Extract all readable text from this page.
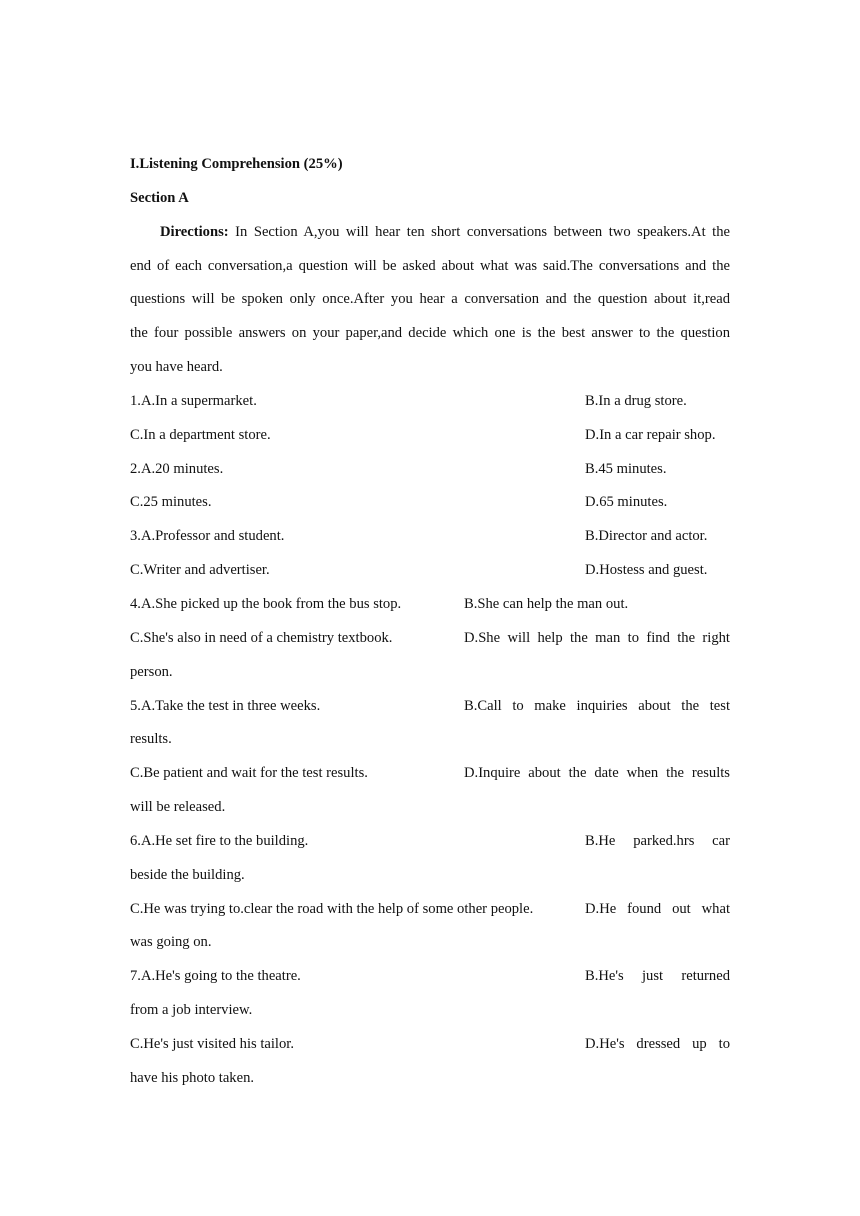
I.Listening Comprehension (25%)
Section A
Directions: In Section A,you will hear ten short conversations between two speakers.At the
end of each conversation,a question will be asked about what was said.The conversations and the
questions will be spoken only once.After you hear a conversation and the question about it,read
the four possible answers on your paper,and decide which one is the best answer to the question
you have heard.
1.A.In a supermarket.	B.In a drug store.
C.In a department store.	D.In a car repair shop.
2.A.20 minutes.	B.45 minutes.
C.25 minutes.	D.65 minutes.
3.A.Professor and student.	B.Director and actor.
C.Writer and advertiser.	D.Hostess and guest.
4.A.She picked up the book from the bus stop.	B.She can help the man out.
C.She's also in need of a chemistry textbook.	D.She will help the man to find the right
person.
5.A.Take the test in three weeks.	B.Call to make inquiries about the test
results.
C.Be patient and wait for the test results.	D.Inquire about the date when the results
will be released.
6.A.He set fire to the building.	B.He parked.hrs car
beside the building.
C.He was trying to.clear the road with the help of some other people.	D.He found out what
was going on.
7.A.He's going to the theatre.	B.He's just returned
from a job interview.
C.He's just visited his tailor.	D.He's dressed up to
have his photo taken.
